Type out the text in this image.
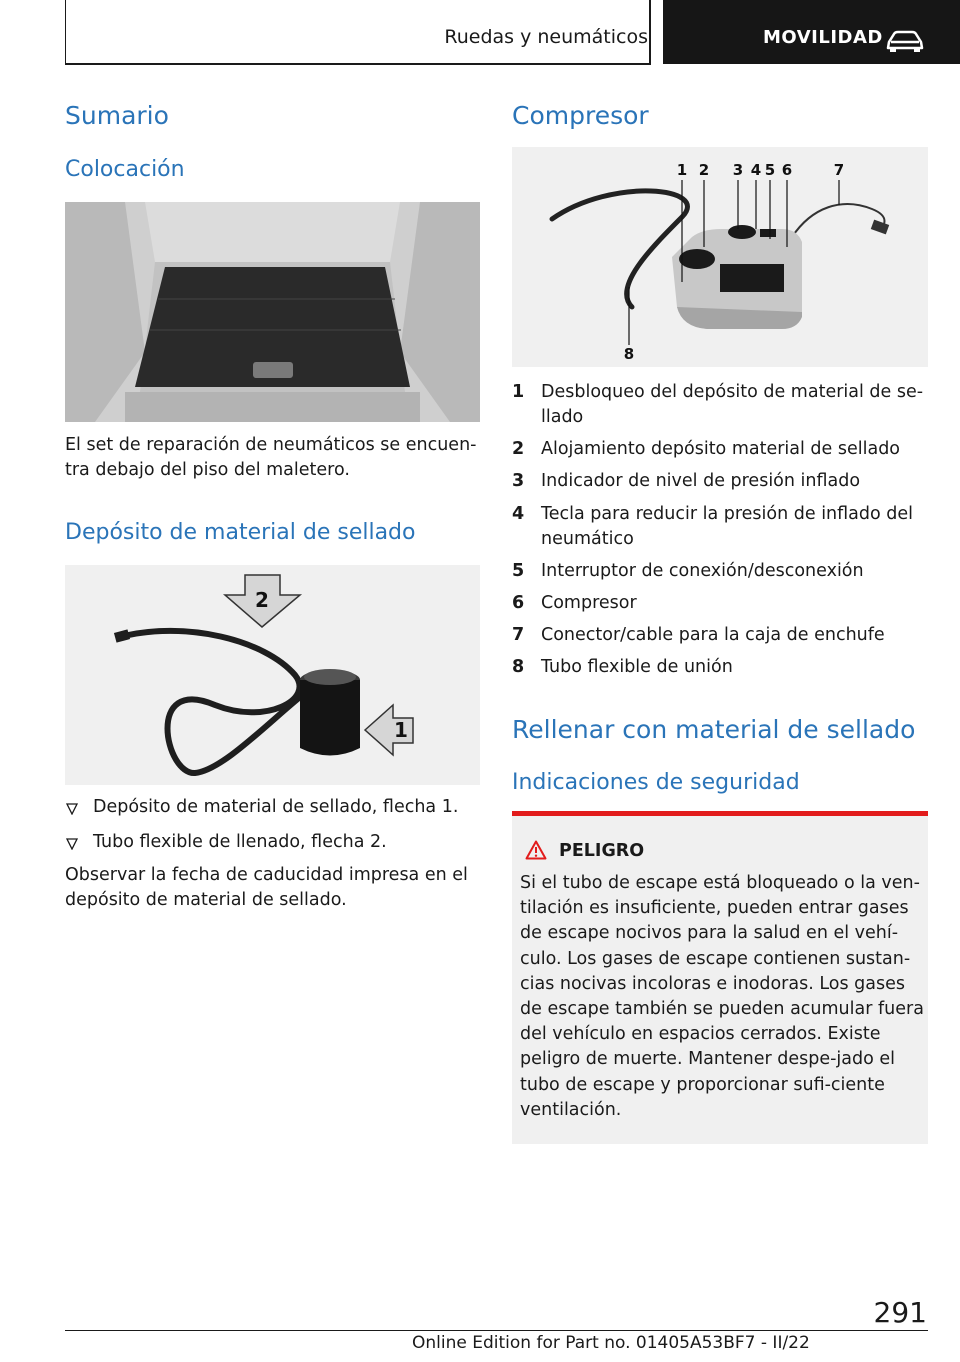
Ruedas y neumáticos	MOVILIDAD
Sumario
Colocación
El set de reparación de neumáticos se encuen-tra debajo del piso del maletero.
Depósito de material de sellado
2
1
Depósito de material de sellado, flecha 1.
Tubo flexible de llenado, flecha 2.
Observar la fecha de caducidad impresa en el depósito de material de sellado.
Compresor
1 2 3 4 5 6	7
8
1 Desbloqueo del depósito de material de se-llado
2 Alojamiento depósito material de sellado
3 Indicador de nivel de presión inflado
4 Tecla para reducir la presión de inflado del neumático
5 Interruptor de conexión/desconexión
6 Compresor
7 Conector/cable para la caja de enchufe
8 Tubo flexible de unión
Rellenar con material de sellado
Indicaciones de seguridad
PELIGRO
Si el tubo de escape está bloqueado o la ven-tilación es insuficiente, pueden entrar gases de escape nocivos para la salud en el vehí-culo. Los gases de escape contienen sustan-cias nocivas incoloras e inodoras. Los gases de escape también se pueden acumular fuera del vehículo en espacios cerrados. Existe peligro de muerte. Mantener despe-jado el tubo de escape y proporcionar sufi-ciente ventilación.
291
Online Edition for Part no. 01405A53BF7 - II/22
